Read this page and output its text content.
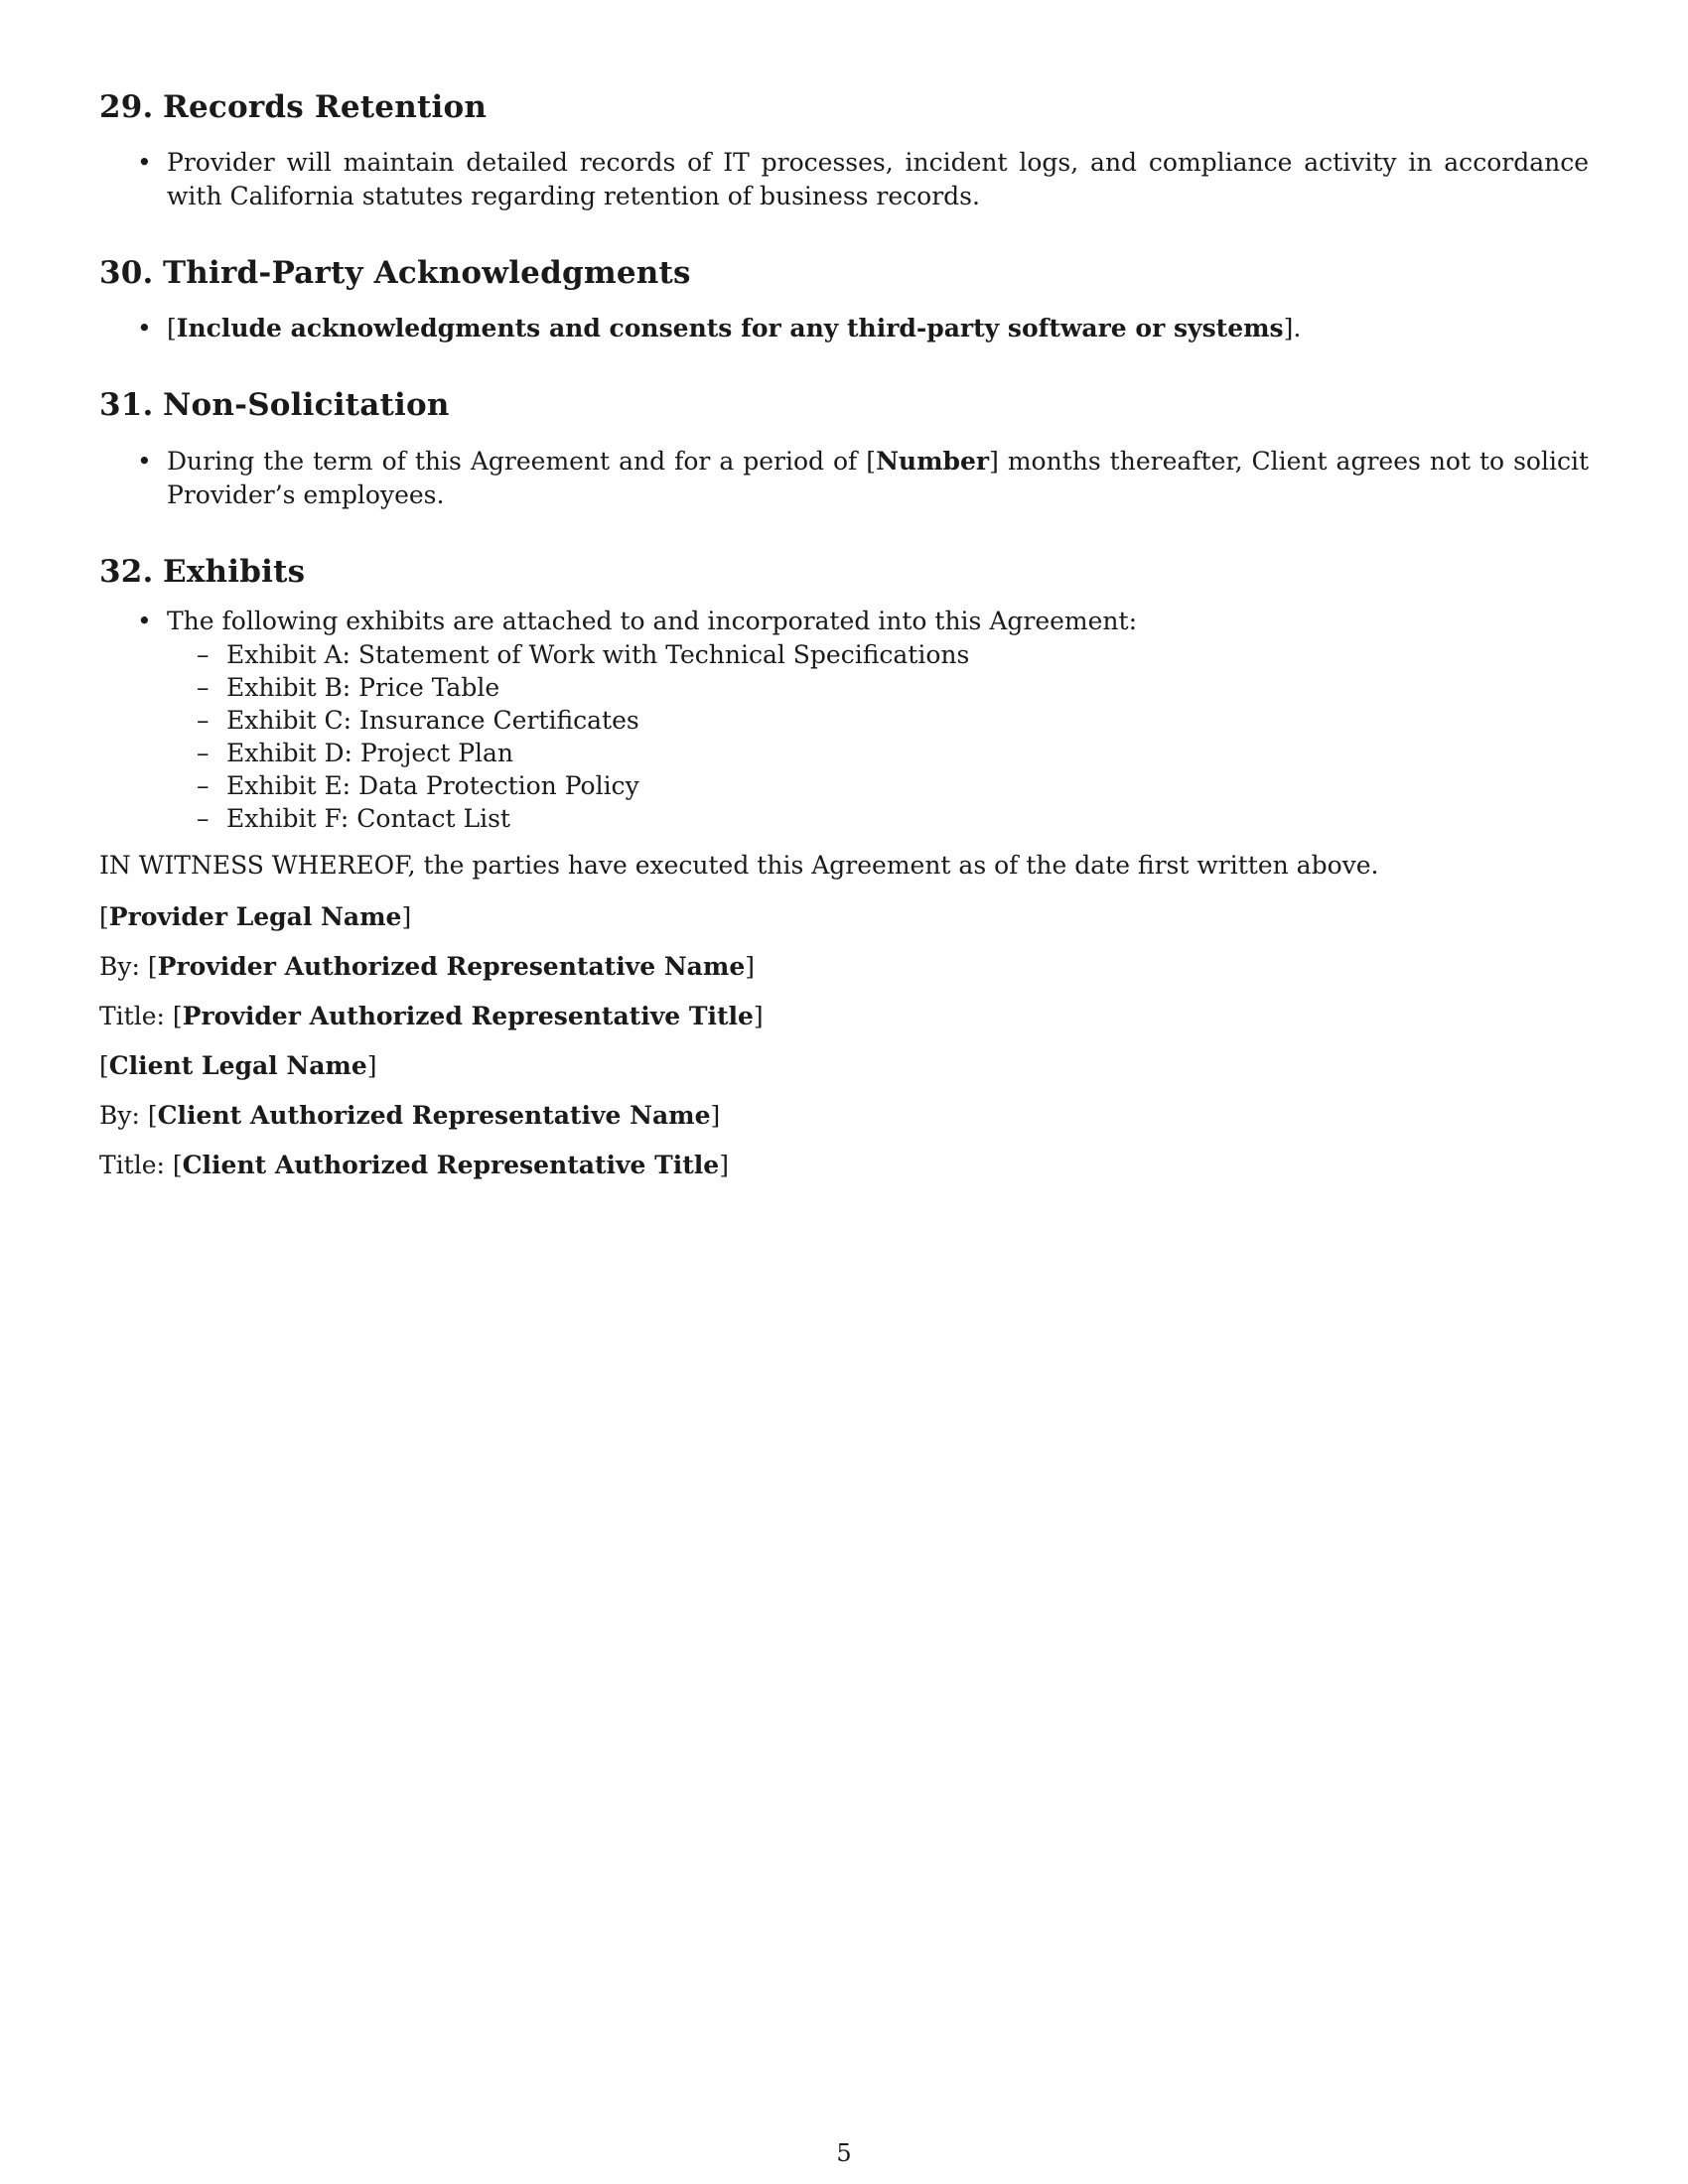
29. Records Retention
• Provider will maintain detailed records of IT processes, incident logs, and compliance activity in accordance with California statutes regarding retention of business records.
30. Third-Party Acknowledgments
• [Include acknowledgments and consents for any third-party software or systems].
31. Non-Solicitation
• During the term of this Agreement and for a period of [Number] months thereafter, Client agrees not to solicit Provider’s employees.
32. Exhibits
• The following exhibits are attached to and incorporated into this Agreement:
– Exhibit A: Statement of Work with Technical Specifications
– Exhibit B: Price Table
– Exhibit C: Insurance Certificates
– Exhibit D: Project Plan
– Exhibit E: Data Protection Policy
– Exhibit F: Contact List

IN WITNESS WHEREOF, the parties have executed this Agreement as of the date first written above.

[Provider Legal Name]

By: [Provider Authorized Representative Name]

Title: [Provider Authorized Representative Title]

[Client Legal Name]

By: [Client Authorized Representative Name]

Title: [Client Authorized Representative Title]

5
